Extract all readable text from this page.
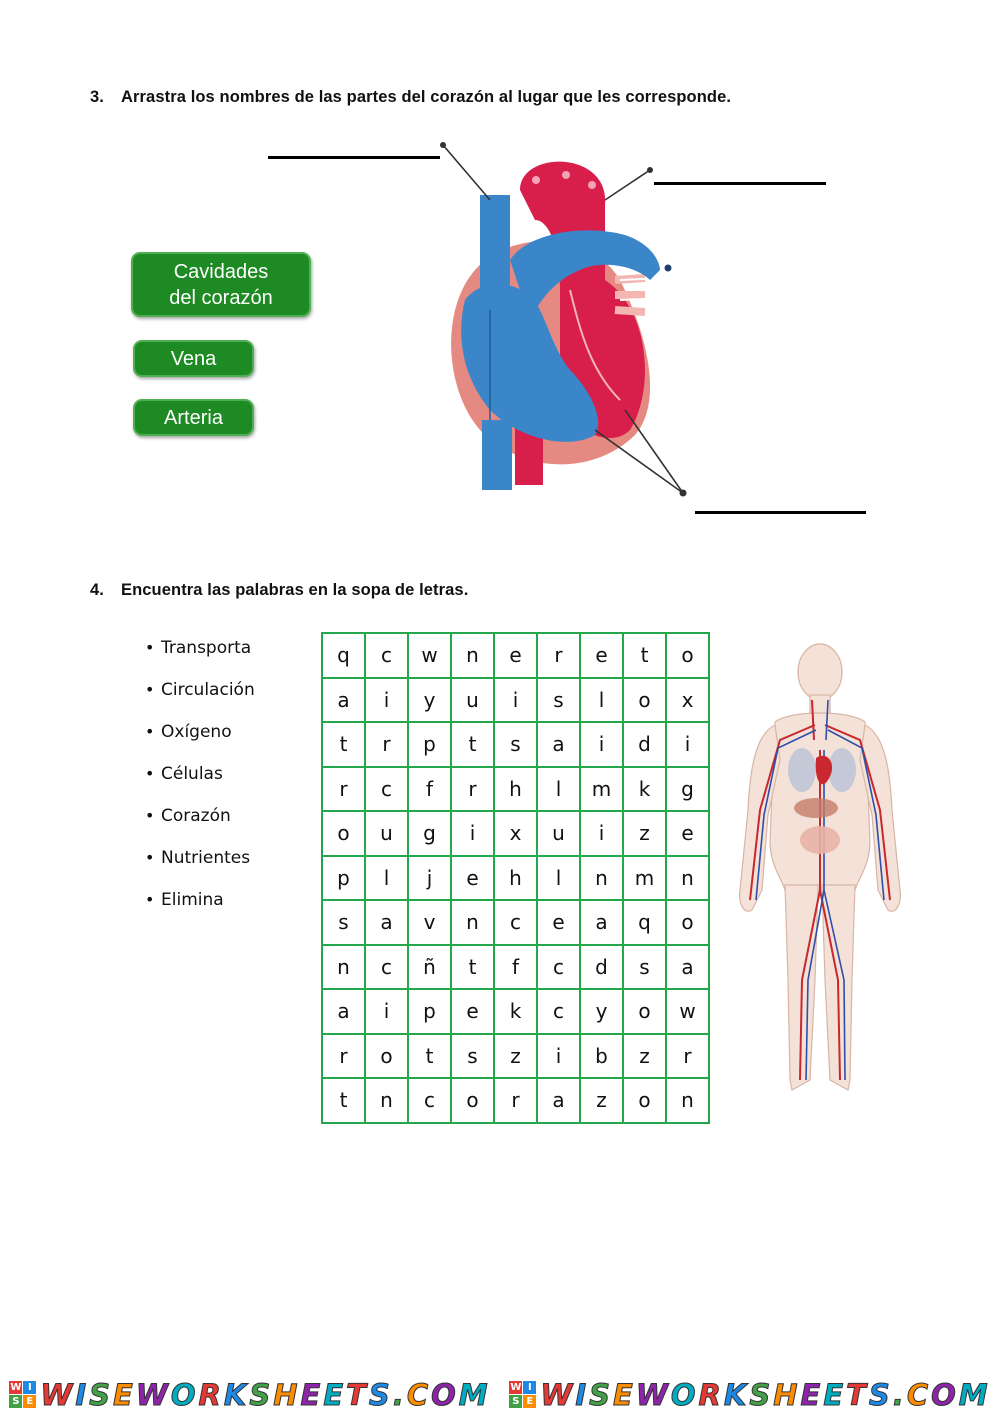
3. Arrastra los nombres de las partes del corazón al lugar que les corresponde.
Cavidades
del corazón
Vena
Arteria
4. Encuentra las palabras en la sopa de letras.
• Transporta
• Circulación
• Oxígeno
• Células
• Corazón
• Nutrientes
• Elimina
q	c	w	n	e	r	e	t	o
a	i	y	u	i	s	l	o	x
t	r	p	t	s	a	i	d	i
r	c	f	r	h	l	m	k	g
o	u	g	i	x	u	i	z	e
p	l	j	e	h	l	n	m	n
s	a	v	n	c	e	a	q	o
n	c	ñ	t	f	c	d	s	a
a	i	p	e	k	c	y	o	w
r	o	t	s	z	i	b	z	r
t	n	c	o	r	a	z	o	n
W I
S E WISEWORKSHEETS.COM W I
S E WISEWORKSHEETS.COM
